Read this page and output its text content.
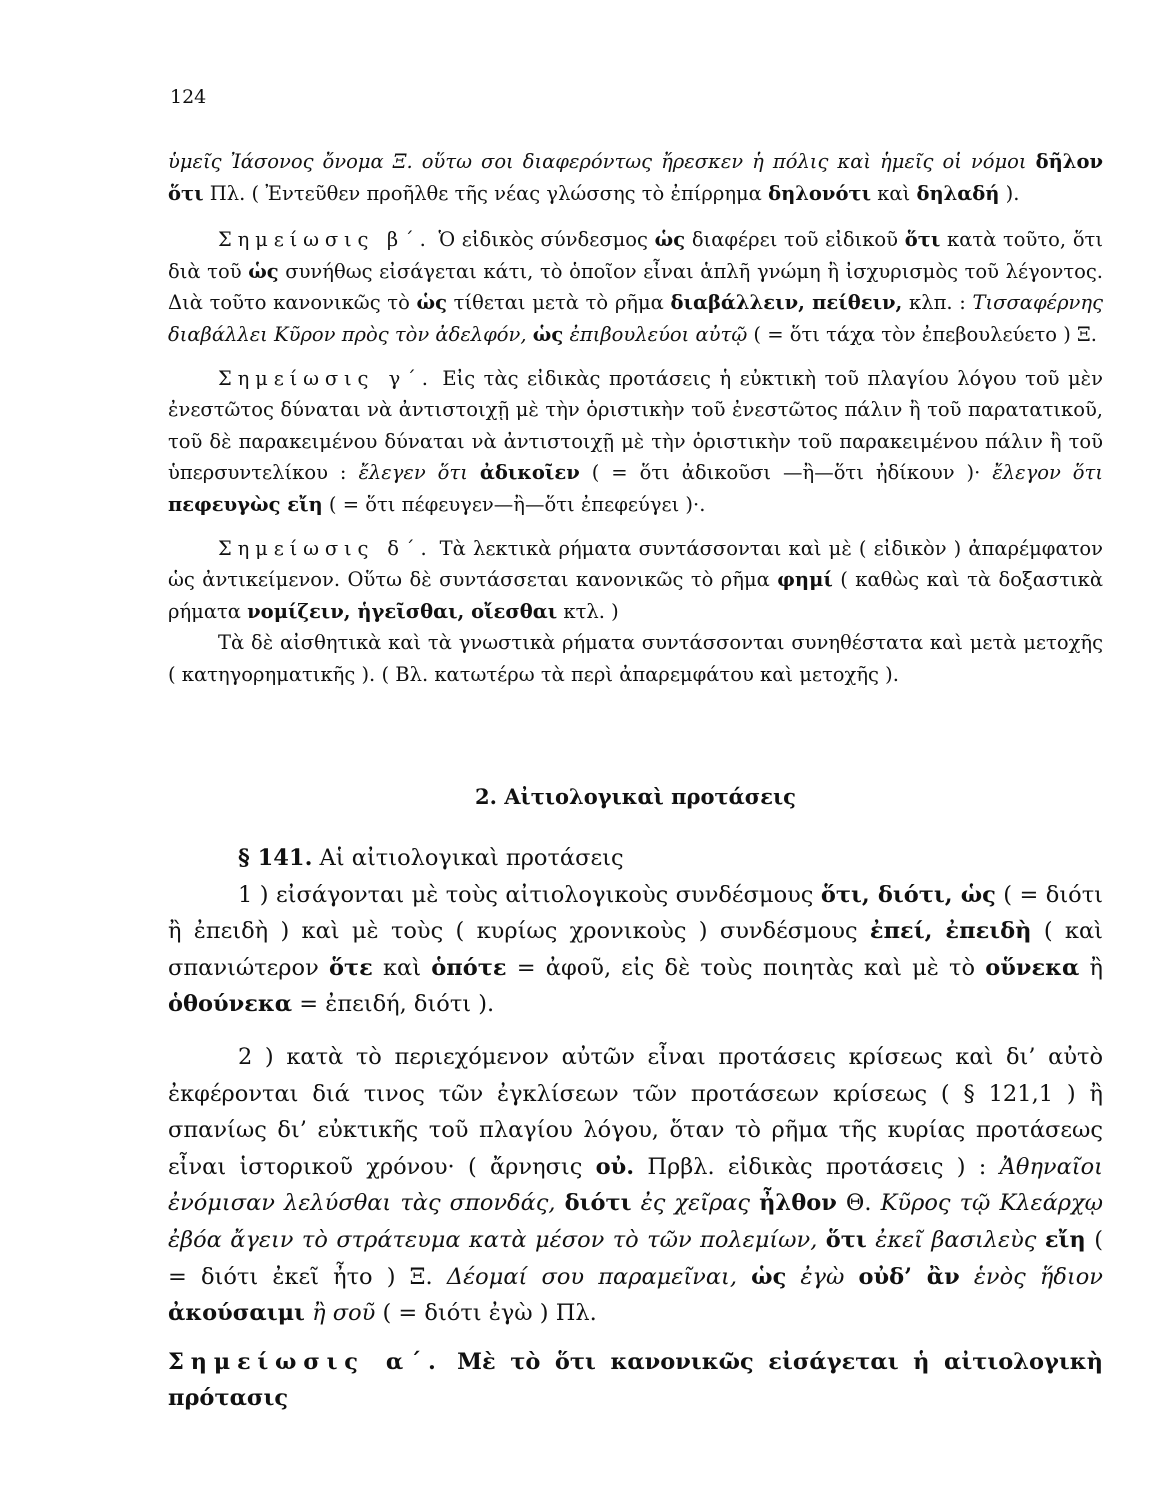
124

ὑμεῖς Ἰάσονος ὄνομα Ξ. οὕτω σοι διαφερόντως ἤρεσκεν ἡ πόλις καὶ ἡμεῖς οἱ νόμοι δῆλον ὅτι Πλ. ( Ἐντεῦθεν προῆλθε τῆς νέας γλώσσης τὸ ἐπίρρημα δηλονότι καὶ δηλαδή ).

Σημείωσις β΄. Ὁ εἰδικὸς σύνδεσμος ὡς διαφέρει τοῦ εἰδικοῦ ὅτι κατὰ τοῦτο, ὅτι διὰ τοῦ ὡς συνήθως εἰσάγεται κάτι, τὸ ὁποῖον εἶναι ἁπλῆ γνώμη ἢ ἰσχυρισμὸς τοῦ λέγοντος. Διὰ τοῦτο κανονικῶς τὸ ὡς τίθεται μετὰ τὸ ρῆμα διαβάλλειν, πείθειν, κλπ. : Τισσαφέρνης διαβάλλει Κῦρον πρὸς τὸν ἀδελφόν, ὡς ἐπιβουλεύοι αὐτῷ ( = ὅτι τάχα τὸν ἐπεβουλεύετο ) Ξ.

Σημείωσις γ΄. Εἰς τὰς εἰδικὰς προτάσεις ἡ εὐκτικὴ τοῦ πλαγίου λόγου τοῦ μὲν ἐνεστῶτος δύναται νὰ ἀντιστοιχῇ μὲ τὴν ὁριστικὴν τοῦ ἐνεστῶτος πάλιν ἢ τοῦ παρατατικοῦ, τοῦ δὲ παρακειμένου δύναται νὰ ἀντιστοιχῇ μὲ τὴν ὁριστικὴν τοῦ παρακειμένου πάλιν ἢ τοῦ ὑπερσυντελίκου : ἔλεγεν ὅτι ἀδικοῖεν ( = ὅτι ἀδικοῦσι —ἢ—ὅτι ἠδίκουν )· ἔλεγον ὅτι πεφευγὼς εἴη ( = ὅτι πέφευγεν—ἢ—ὅτι ἐπεφεύγει )·.

Σημείωσις δ΄. Τὰ λεκτικὰ ρήματα συντάσσονται καὶ μὲ ( εἰδικὸν ) ἀπαρέμφατον ὡς ἀντικείμενον. Οὕτω δὲ συντάσσεται κανονικῶς τὸ ρῆμα φημί ( καθὼς καὶ τὰ δοξαστικὰ ρήματα νομίζειν, ἡγεῖσθαι, οἴεσθαι κτλ. )

Τὰ δὲ αἰσθητικὰ καὶ τὰ γνωστικὰ ρήματα συντάσσονται συνηθέστατα καὶ μετὰ μετοχῆς ( κατηγορηματικῆς ). ( Βλ. κατωτέρω τὰ περὶ ἀπαρεμφάτου καὶ μετοχῆς ).

2. Αἰτιολογικαὶ προτάσεις

§ 141. Αἱ αἰτιολογικαὶ προτάσεις

1 ) εἰσάγονται μὲ τοὺς αἰτιολογικοὺς συνδέσμους ὅτι, διότι, ὡς ( = διότι ἢ ἐπειδὴ ) καὶ μὲ τοὺς ( κυρίως χρονικοὺς ) συνδέσμους ἐπεί, ἐπειδὴ ( καὶ σπανιώτερον ὅτε καὶ ὁπότε = ἀφοῦ, εἰς δὲ τοὺς ποιητὰς καὶ μὲ τὸ οὕνεκα ἢ ὁθούνεκα = ἐπειδή, διότι ).

2 ) κατὰ τὸ περιεχόμενον αὐτῶν εἶναι προτάσεις κρίσεως καὶ δι’ αὐτὸ ἐκφέρονται διά τινος τῶν ἐγκλίσεων τῶν προτάσεων κρίσεως ( § 121,1 ) ἢ σπανίως δι’ εὐκτικῆς τοῦ πλαγίου λόγου, ὅταν τὸ ρῆμα τῆς κυρίας προτάσεως εἶναι ἱστορικοῦ χρόνου· ( ἄρνησις οὐ. Πρβλ. εἰδικὰς προτάσεις ) : Ἀθηναῖοι ἐνόμισαν λελύσθαι τὰς σπονδάς, διότι ἐς χεῖρας ἦλθον Θ. Κῦρος τῷ Κλεάρχῳ ἐβόα ἄγειν τὸ στράτευμα κατὰ μέσον τὸ τῶν πολεμίων, ὅτι ἐκεῖ βασιλεὺς εἴη ( = διότι ἐκεῖ ἦτο ) Ξ. Δέομαί σου παραμεῖναι, ὡς ἐγὼ οὐδ’ ἂν ἑνὸς ἥδιον ἀκούσαιμι ἢ σοῦ ( = διότι ἐγὼ ) Πλ.

Σημείωσις α΄. Μὲ τὸ ὅτι κανονικῶς εἰσάγεται ἡ αἰτιολογικὴ πρότασις
